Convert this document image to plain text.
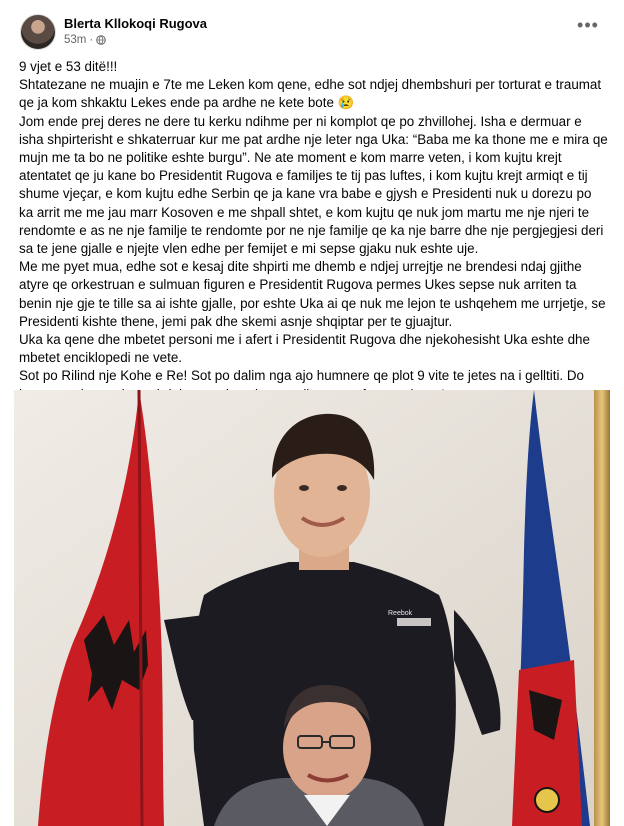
Blerta Kllokoqi Rugova
53m ·
•••

9 vjet e 53 ditë!!!

Shtatezane ne muajin e 7te me Leken kom qene, edhe sot ndjej dhembshuri per torturat e traumat qe ja kom shkaktu Lekes ende pa ardhe ne kete bote 😢

Jom ende prej deres ne dere tu kerku ndihme per ni komplot qe po zhvillohej. Isha e dermuar e isha shpirterisht e shkaterruar kur me pat ardhe nje leter nga Uka: “Baba me ka thone me e mira qe mujn me ta bo ne politike eshte burgu”. Ne ate moment e kom marre veten, i kom kujtu krejt atentatet qe ju kane bo Presidentit Rugova e familjes te tij pas luftes, i kom kujtu krejt armiqt e tij shume vjeçar, e kom kujtu edhe Serbin qe ja kane vra babe e gjysh e Presidenti nuk u dorezu po ka arrit me me jau marr Kosoven e me shpall shtet, e kom kujtu qe nuk jom martu me nje njeri te rendomte e as ne nje familje te rendomte por ne nje familje qe ka nje barre dhe nje pergjegjesi deri sa te jene gjalle e njejte vlen edhe per femijet e mi sepse gjaku nuk eshte uje.

Me me pyet mua, edhe sot e kesaj dite shpirti me dhemb e ndjej urrejtje ne brendesi ndaj gjithe atyre qe orkestruan e sulmuan figuren e Presidentit Rugova permes Ukes sepse nuk arriten ta benin nje gje te tille sa ai ishte gjalle, por eshte Uka ai qe nuk me lejon te ushqehem me urrjetje, se Presidenti kishte thene, jemi pak dhe skemi asnje shqiptar per te gjuajtur.

Uka ka qene dhe mbetet personi me i afert i Presidentit Rugova dhe njekohesisht Uka eshte dhe mbetet enciklopedi ne vete.

Sot po Rilind nje Kohe e Re! Sot po dalim nga ajo humnere qe plot 9 vite te jetes na i gelltiti. Do

Reebok
